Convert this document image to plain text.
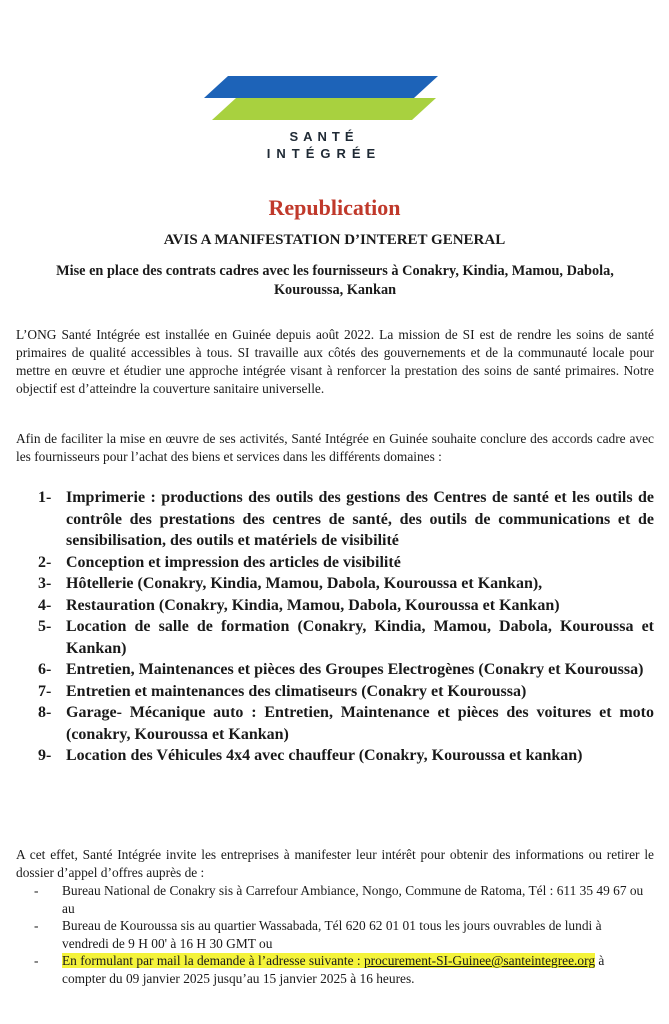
SANTÉ
INTÉGRÉE
Republication
AVIS A MANIFESTATION D’INTERET GENERAL
Mise en place des contrats cadres avec les fournisseurs à Conakry, Kindia, Mamou, Dabola, Kouroussa, Kankan
L’ONG Santé Intégrée est installée en Guinée depuis août 2022. La mission de SI est de rendre les soins de santé primaires de qualité accessibles à tous. SI travaille aux côtés des gouvernements et de la communauté locale pour mettre en œuvre et étudier une approche intégrée visant à renforcer la prestation des soins de santé primaires. Notre objectif est d’atteindre la couverture sanitaire universelle.
Afin de faciliter la mise en œuvre de ses activités, Santé Intégrée en Guinée souhaite conclure des accords cadre avec les fournisseurs pour l’achat des biens et services dans les différents domaines :
1- Imprimerie : productions des outils des gestions des Centres de santé et les outils de contrôle des prestations des centres de santé, des outils de communications et de sensibilisation, des outils et matériels de visibilité
2- Conception et impression des articles de visibilité
3- Hôtellerie (Conakry, Kindia, Mamou, Dabola, Kouroussa et Kankan),
4- Restauration (Conakry, Kindia, Mamou, Dabola, Kouroussa et Kankan)
5- Location de salle de formation (Conakry, Kindia, Mamou, Dabola, Kouroussa et Kankan)
6- Entretien, Maintenances et pièces des Groupes Electrogènes (Conakry et Kouroussa)
7- Entretien et maintenances des climatiseurs (Conakry et Kouroussa)
8- Garage- Mécanique auto : Entretien, Maintenance et pièces des voitures et moto (conakry, Kouroussa et Kankan)
9- Location des Véhicules 4x4 avec chauffeur (Conakry, Kouroussa et kankan)
A cet effet, Santé Intégrée invite les entreprises à manifester leur intérêt pour obtenir des informations ou retirer le dossier d’appel d’offres auprès de :
- Bureau National de Conakry sis à Carrefour Ambiance, Nongo, Commune de Ratoma, Tél : 611 35 49 67 ou au
- Bureau de Kouroussa sis au quartier Wassabada, Tél 620 62 01 01 tous les jours ouvrables de lundi à vendredi de 9 H 00' à 16 H 30 GMT ou
- En formulant par mail la demande à l’adresse suivante : procurement-SI-Guinee@santeintegree.org à compter du 09 janvier 2025 jusqu’au 15 janvier 2025 à 16 heures.
